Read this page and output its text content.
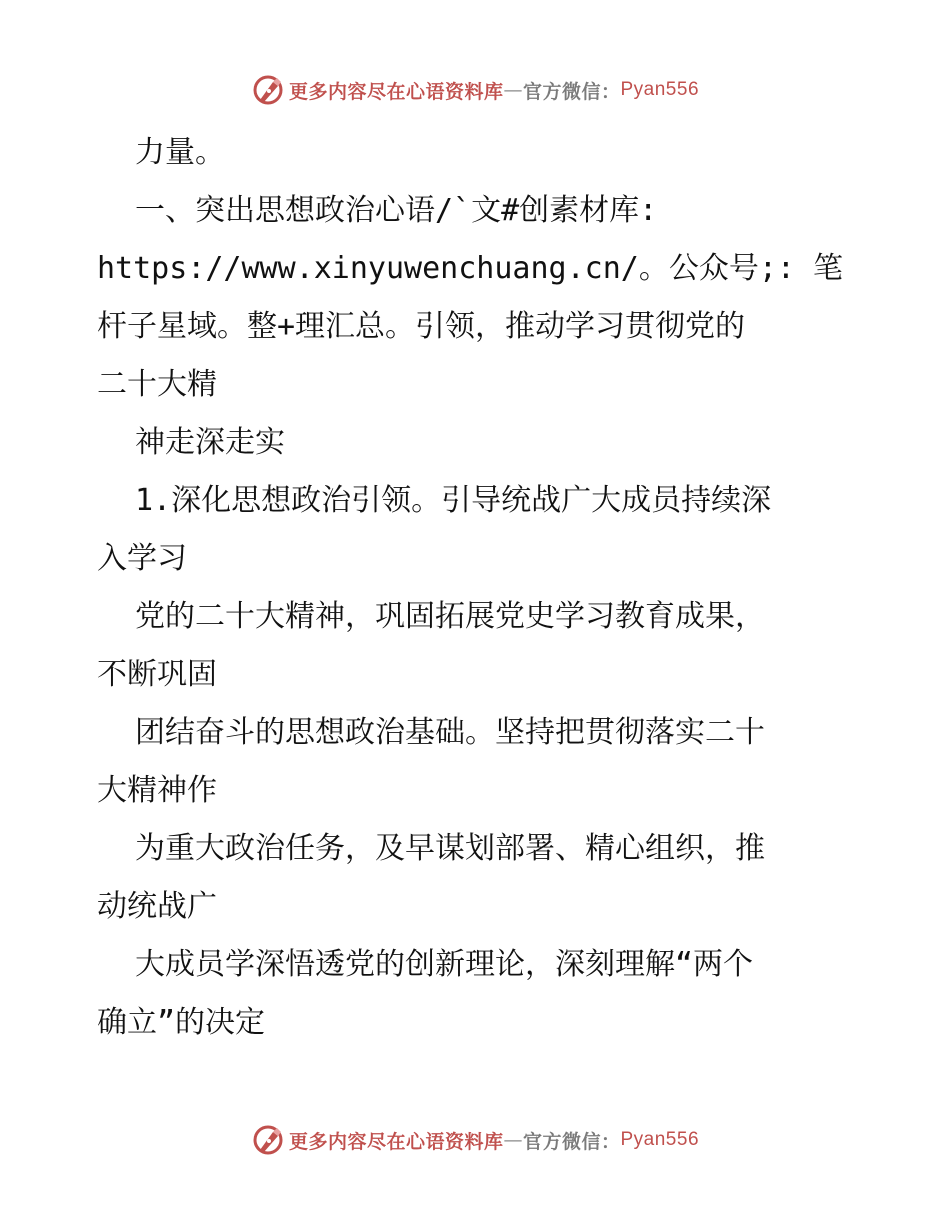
更多内容尽在心语资料库 — 官方微信： Pyan556
力量。
一、突出思想政治心语/`文#创素材库:
https://www.xinyuwenchuang.cn/。公众号;: 笔
杆子星域。整+理汇总。引领，推动学习贯彻党的
二十大精
神走深走实
1.深化思想政治引领。引导统战广大成员持续深
入学习
党的二十大精神，巩固拓展党史学习教育成果，
不断巩固
团结奋斗的思想政治基础。坚持把贯彻落实二十
大精神作
为重大政治任务，及早谋划部署、精心组织，推
动统战广
大成员学深悟透党的创新理论，深刻理解“两个
确立”的决定
更多内容尽在心语资料库 — 官方微信： Pyan556
